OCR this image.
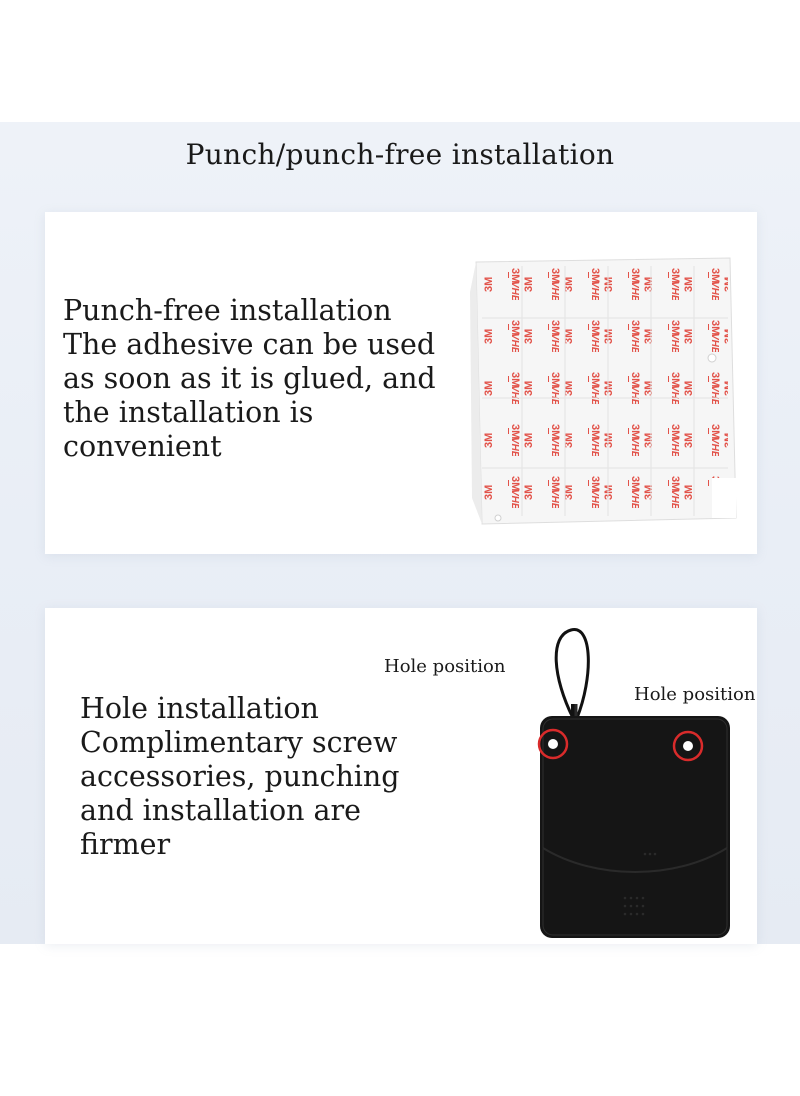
Punch/punch-free installation
Punch-free installation
The adhesive can be used
as soon as it is glued, and
the installation is
convenient
Hole installation
Complimentary screw
accessories, punching
and installation are
firmer
Hole position
Hole position
